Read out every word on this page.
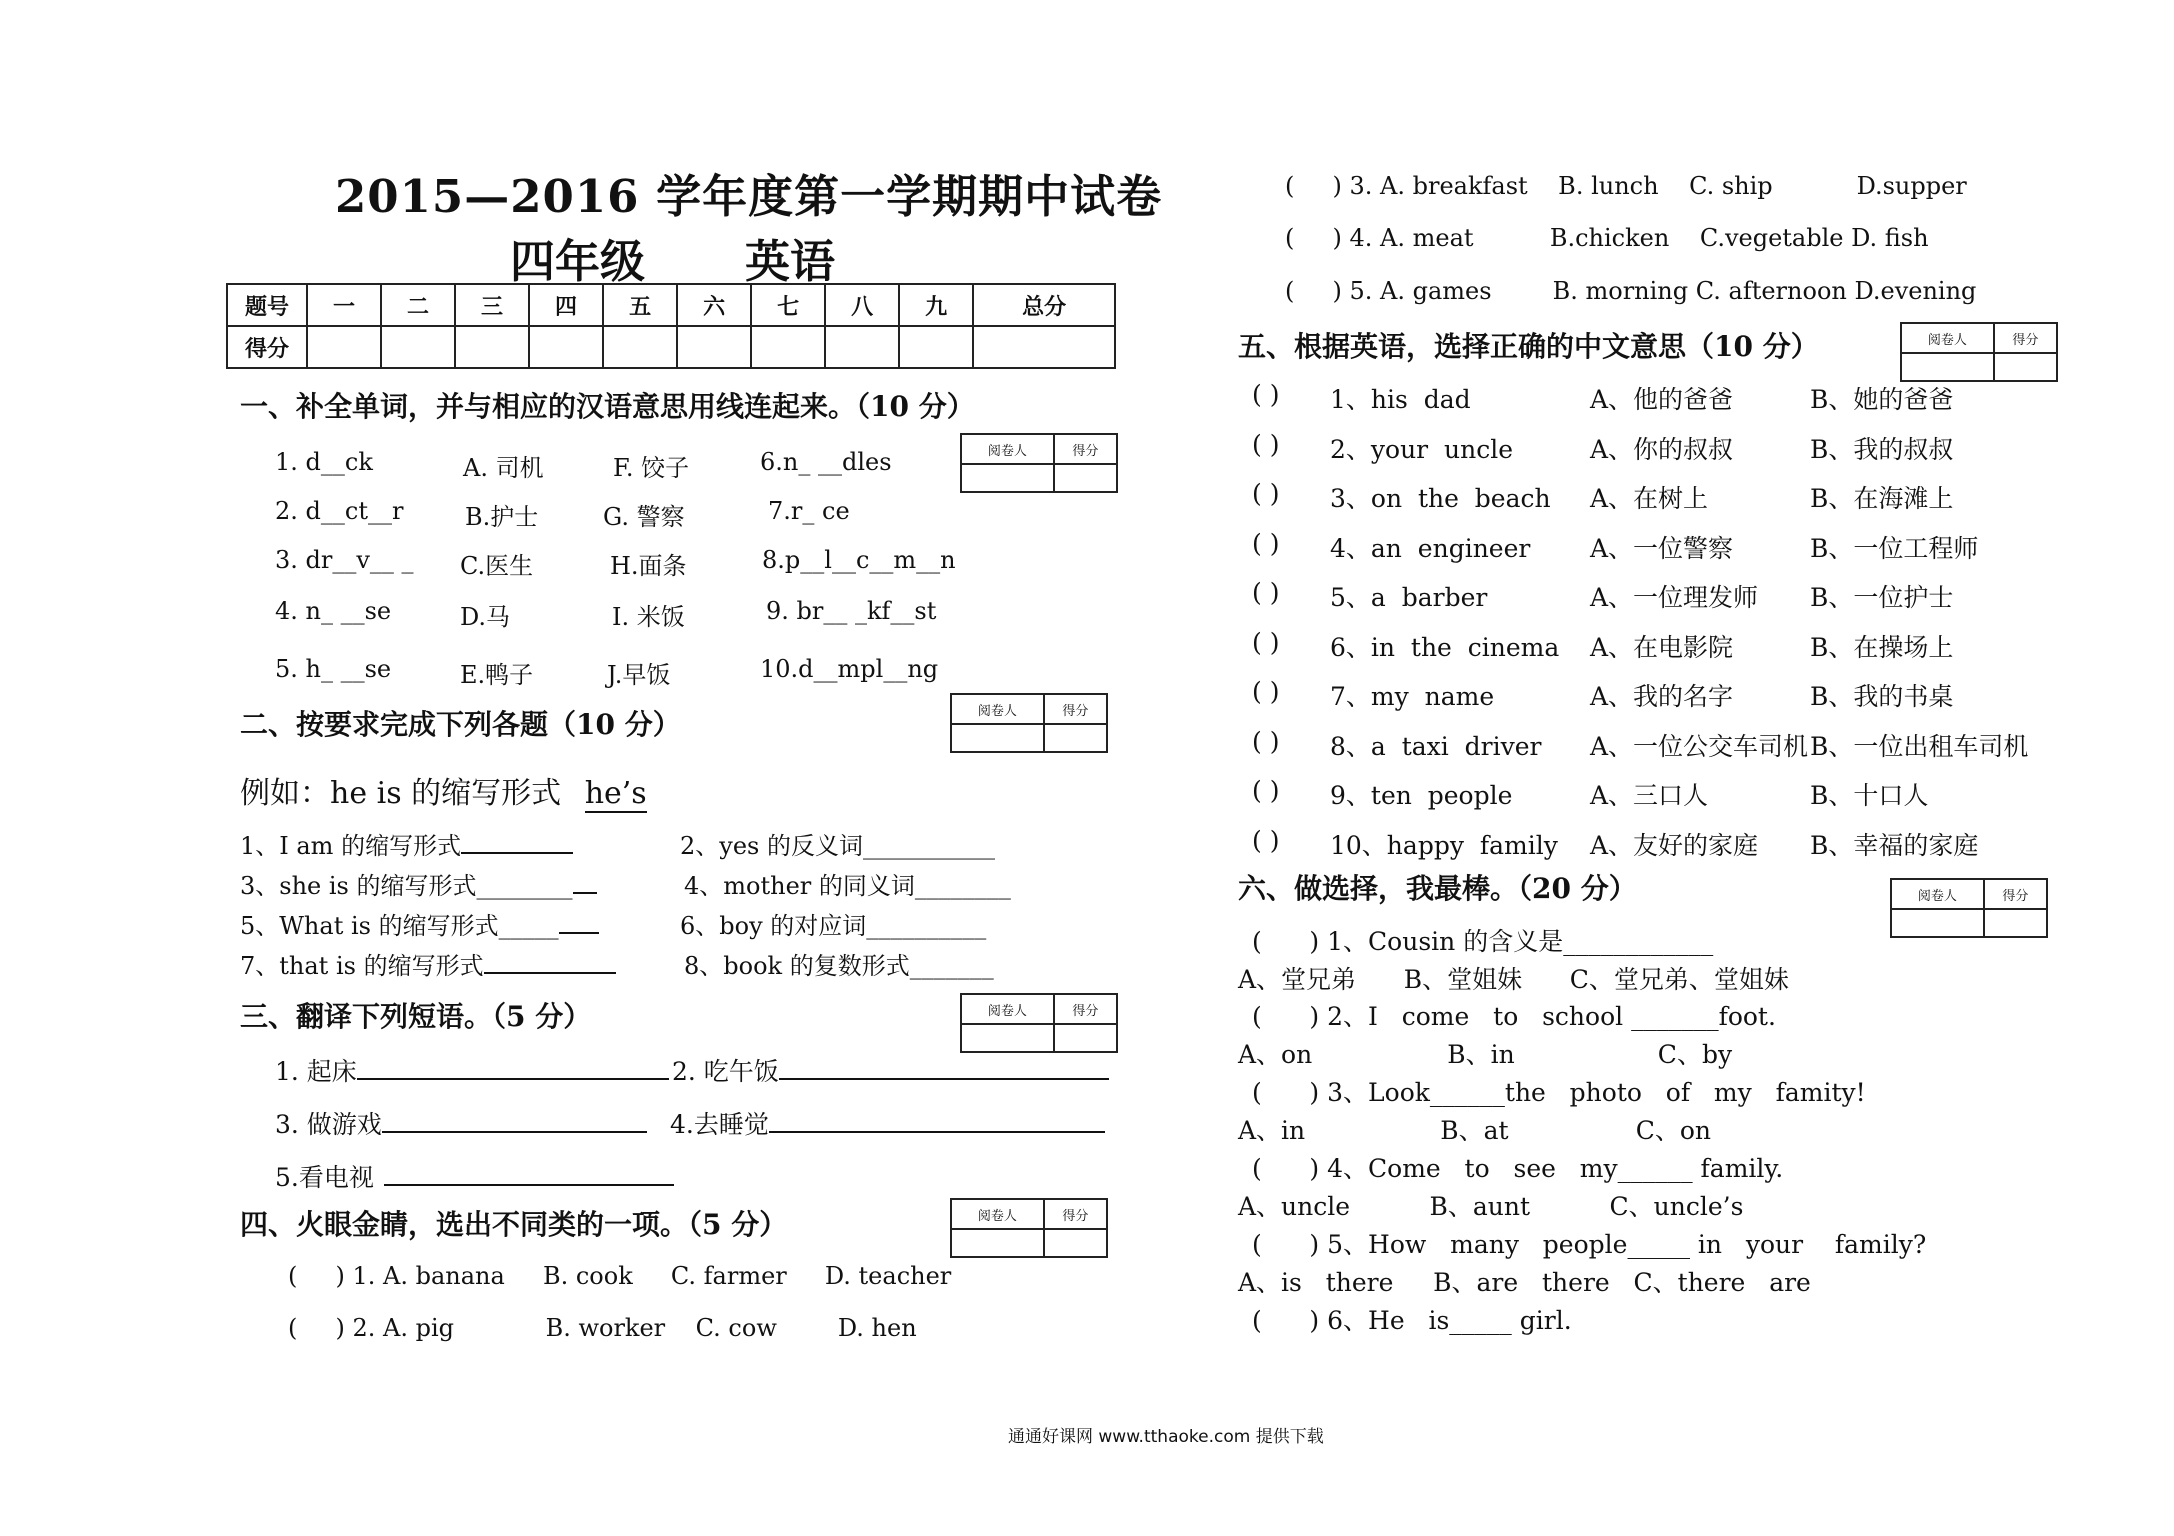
2015—2016 学年度第一学期期中试卷
四年级 英语
题号	一	二	三	四	五	六	七	八	九	总分
得分										
一、补全单词，并与相应的汉语意思用线连起来。（10 分）
1. d__ck	A. 司机	F. 饺子	6.n_ __dles
2. d__ct__r	B.护士	G. 警察	7.r_ ce
3. dr__v__ _ C.医生	H.面条	8.p__l__c__m__n
4. n_ __se	D.马	I. 米饭	9. br__ _kf__st
5. h_ __se	E.鸭子	J.早饭	10.d__mpl__ng
阅卷人	得分

二、按要求完成下列各题（10 分）	阅卷人	得分

例如：he is 的缩写形式 he’s
1、I am 的缩写形式	2、yes 的反义词___________
3、she is 的缩写形式________	4、mother 的同义词________
5、What is 的缩写形式_____	6、boy 的对应词__________
7、that is 的缩写形式	8、book 的复数形式_______
三、翻译下列短语。（5 分）	阅卷人	得分

1. 起床	2. 吃午饭
3. 做游戏	4.去睡觉
5.看电视
四、火眼金睛，选出不同类的一项。（5 分）	阅卷人	得分

(     ) 1. A. banana     B. cook     C. farmer     D. teacher
(     ) 2. A. pig            B. worker    C. cow        D. hen
(     ) 3. A. breakfast    B. lunch    C. ship           D.supper
(     ) 4. A. meat          B.chicken    C.vegetable D. fish
(     ) 5. A. games        B. morning C. afternoon D.evening
五、根据英语，选择正确的中文意思（10 分）	阅卷人	得分

( ) 1、his  dad	A、他的爸爸	B、她的爸爸
( ) 2、your  uncle	A、你的叔叔	B、我的叔叔
( ) 3、on  the  beach A、在树上	B、在海滩上
( ) 4、an  engineer A、一位警察	B、一位工程师
( ) 5、a  barber	A、一位理发师 B、一位护士
( ) 6、in  the  cinema A、在电影院	B、在操场上
( ) 7、my  name	A、我的名字	B、我的书桌
( ) 8、a  taxi  driver A、一位公交车司机 B、一位出租车司机
( ) 9、ten  people	A、三口人	B、十口人
( ) 10、happy  family A、友好的家庭 B、幸福的家庭
六、做选择，我最棒。（20 分）	阅卷人	得分

(      ) 1、Cousin 的含义是____________
A、堂兄弟      B、堂姐妹      C、堂兄弟、堂姐妹
(      ) 2、I   come   to   school _______foot.
A、on                 B、in                  C、by
(      ) 3、Look______the   photo   of   my   famity!
A、in                 B、at                C、on
(      ) 4、Come   to   see   my______ family.
A、uncle          B、aunt          C、uncle’s
(      ) 5、How   many   people_____ in   your    family?
A、is   there     B、are   there   C、there   are
(      ) 6、He   is_____ girl.
通通好课网 www.tthaoke.com 提供下载
